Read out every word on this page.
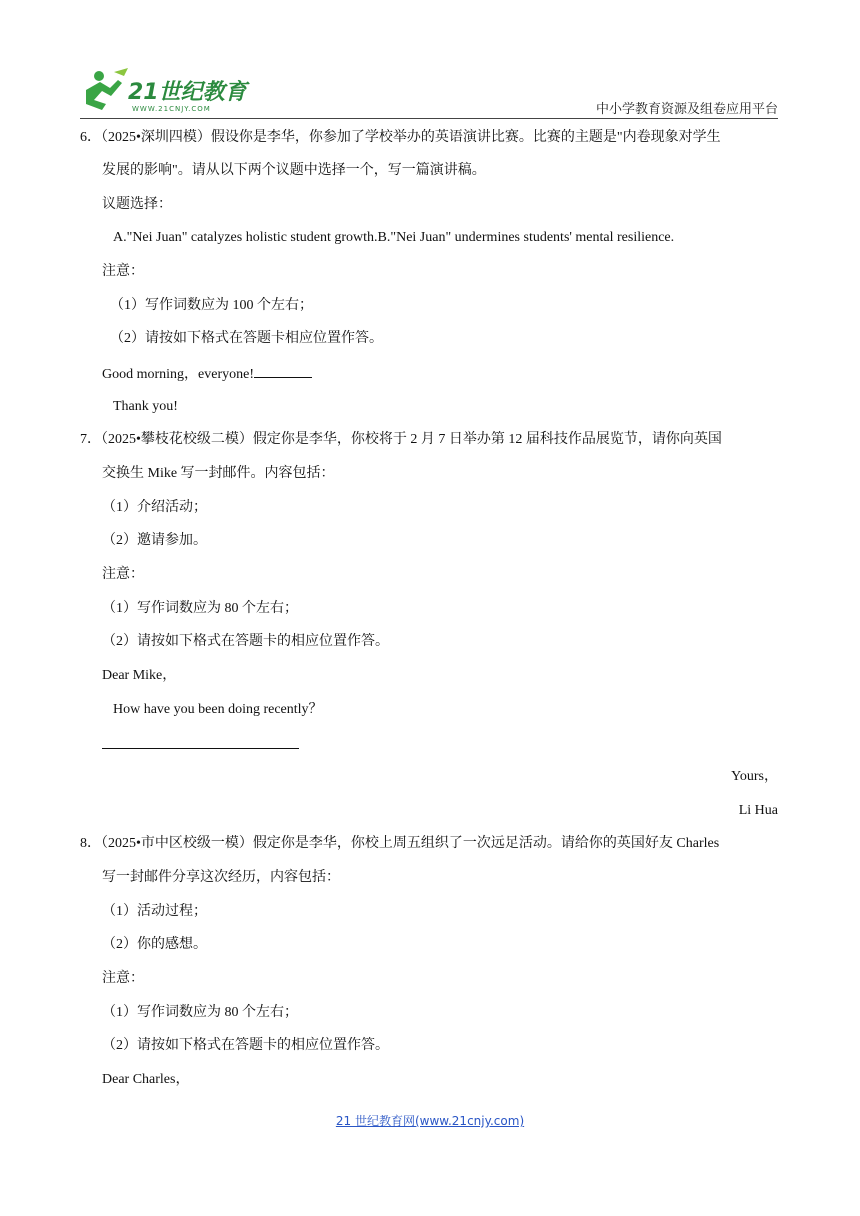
21世纪教育
WWW.21CNJY.COM	中小学教育资源及组卷应用平台
6．（2025•深圳四模）假设你是李华，你参加了学校举办的英语演讲比赛。比赛的主题是"内卷现象对学生
发展的影响"。请从以下两个议题中选择一个，写一篇演讲稿。
议题选择：
A."Nei Juan" catalyzes holistic student growth.B."Nei Juan" undermines students' mental resilience.
注意：
（1）写作词数应为 100 个左右；
（2）请按如下格式在答题卡相应位置作答。
Good morning，everyone!
Thank you!
7．（2025•攀枝花校级二模）假定你是李华，你校将于 2 月 7 日举办第 12 届科技作品展览节，请你向英国
交换生 Mike 写一封邮件。内容包括：
（1）介绍活动；
（2）邀请参加。
注意：
（1）写作词数应为 80 个左右；
（2）请按如下格式在答题卡的相应位置作答。
Dear Mike，
How have you been doing recently？
Yours，
Li Hua
8．（2025•市中区校级一模）假定你是李华，你校上周五组织了一次远足活动。请给你的英国好友 Charles
写一封邮件分享这次经历，内容包括：
（1）活动过程；
（2）你的感想。
注意：
（1）写作词数应为 80 个左右；
（2）请按如下格式在答题卡的相应位置作答。
Dear Charles，
21 世纪教育网(www.21cnjy.com)
